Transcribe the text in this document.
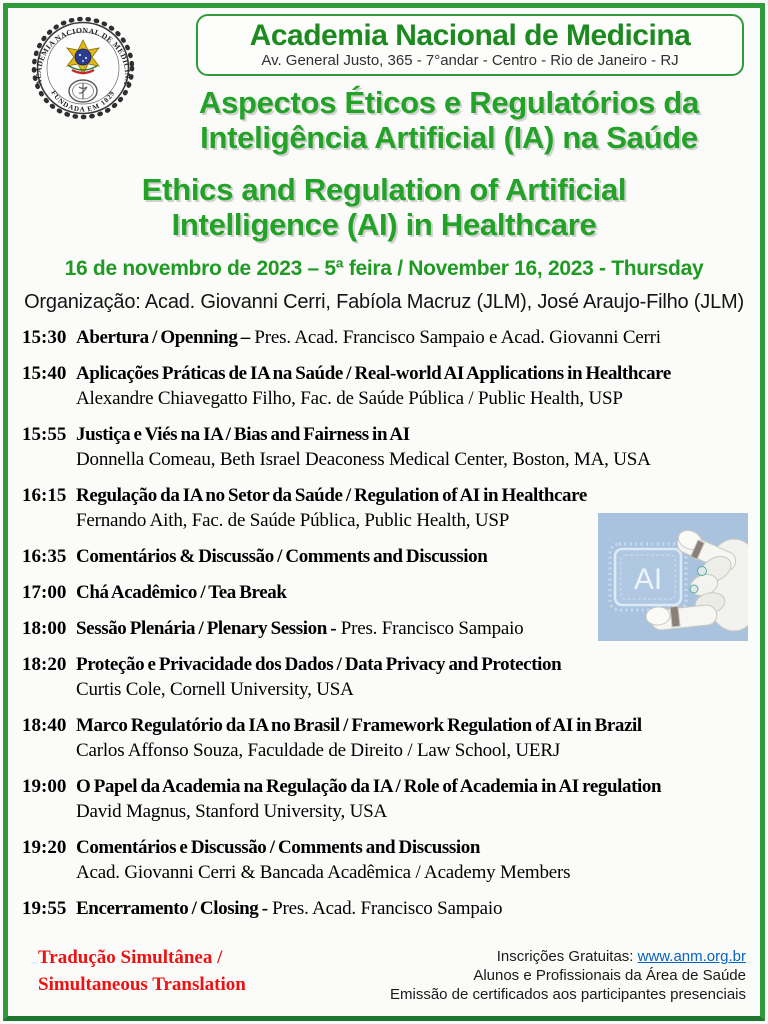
ACADEMIA NACIONAL DE MEDICINA
FUNDADA EM 1829
Academia Nacional de Medicina
Av. General Justo, 365 - 7°andar - Centro - Rio de Janeiro - RJ
Aspectos Éticos e Regulatórios da
Inteligência Artificial (IA) na Saúde
Ethics and Regulation of Artificial
Intelligence (AI) in Healthcare
16 de novembro de 2023 – 5ª feira / November 16, 2023 - Thursday
Organização: Acad. Giovanni Cerri, Fabíola Macruz (JLM), José Araujo-Filho (JLM)
15:30 Abertura / Openning – Pres. Acad. Francisco Sampaio e Acad. Giovanni Cerri
15:40 Aplicações Práticas de IA na Saúde / Real-world AI Applications in Healthcare
Alexandre Chiavegatto Filho, Fac. de Saúde Pública / Public Health, USP
15:55 Justiça e Viés na IA / Bias and Fairness in AI
Donnella Comeau, Beth Israel Deaconess Medical Center, Boston, MA, USA
16:15 Regulação da IA no Setor da Saúde / Regulation of AI in Healthcare
Fernando Aith, Fac. de Saúde Pública, Public Health, USP
16:35 Comentários & Discussão / Comments and Discussion
17:00 Chá Acadêmico / Tea Break
18:00 Sessão Plenária / Plenary Session - Pres. Francisco Sampaio
18:20 Proteção e Privacidade dos Dados / Data Privacy and Protection
Curtis Cole, Cornell University, USA
18:40 Marco Regulatório da IA no Brasil / Framework Regulation of AI in Brazil
Carlos Affonso Souza, Faculdade de Direito / Law School, UERJ
19:00 O Papel da Academia na Regulação da IA / Role of Academia in AI regulation
David Magnus, Stanford University, USA
19:20 Comentários e Discussão / Comments and Discussion
Acad. Giovanni Cerri & Bancada Acadêmica / Academy Members
19:55 Encerramento / Closing - Pres. Acad. Francisco Sampaio
AI
Tradução Simultânea /
Simultaneous Translation
Inscrições Gratuitas: www.anm.org.br
Alunos e Profissionais da Área de Saúde
Emissão de certificados aos participantes presenciais
